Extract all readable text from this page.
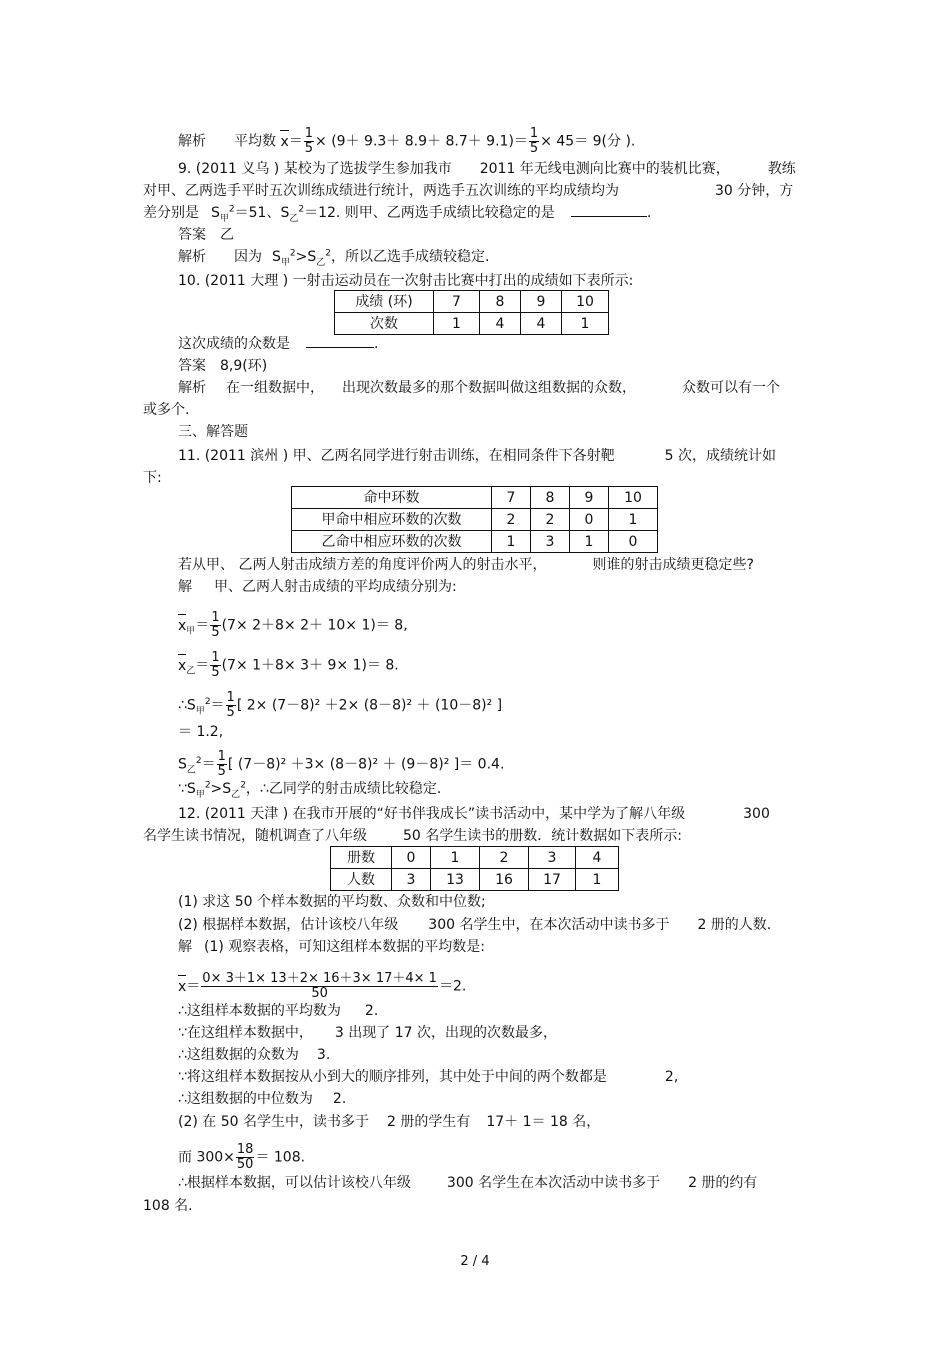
解析 平均数 $x= \frac{1}{5} \times (9+ 9.3+ 8.9+ 8.7+ 9.1)= \frac{1}{5} \times 45= 9$(分 ).
9. (2011 义乌 ) 某校为了选拔学生参加我市 2011 年无线电测向比赛中的装机比赛，	教练
对甲、乙两选手平时五次训练成绩进行统计，两选手五次训练的平均成绩均为	30 分钟，方
差分别是 $S_甲^2=51$、$S_乙^2=12$. 则甲、乙两选手成绩比较稳定的是	.
答案 乙
解析 因为 $S_甲^2>S_乙^2$，所以乙选手成绩较稳定.
10. (2011 大理 ) 一射击运动员在一次射击比赛中打出的成绩如下表所示:
成绩 (环)	7	8	9	10
次数	1	4	4	1
这次成绩的众数是	.
答案 8,9(环)
解析 在一组数据中， 出现次数最多的那个数据叫做这组数据的众数，	众数可以有一个
或多个.
三、解答题
11. (2011 滨州 ) 甲、乙两名同学进行射击训练，在相同条件下各射靶	5 次，成绩统计如
下:
命中环数	7	8	9	10
甲命中相应环数的次数	2	2	0	1
乙命中相应环数的次数	1	3	1	0
若从甲、 乙两人射击成绩方差的角度评价两人的射击水平，	则谁的射击成绩更稳定些?
解 甲、乙两人射击成绩的平均成绩分别为:
$x_甲= \frac{1}{5} (7\times 2+8\times 2+ 10\times 1)= 8$,
$x_乙= \frac{1}{5} (7\times 1+8\times 3+ 9\times 1)= 8$.
$\therefore S_甲^2= \frac{1}{5}$ [ 2× (7－8)² ＋2× (8－8)² ＋ (10－8)² ]
＝ 1.2,
$S_乙^2= \frac{1}{5}$ [ (7－8)² ＋3× (8－8)² ＋ (9－8)² ]＝ 0.4.
$\because S_甲^2>S_乙^2$，∴乙同学的射击成绩比较稳定.
12. (2011 天津 ) 在我市开展的“好书伴我成长”读书活动中，某中学为了解八年级	300
名学生读书情况，随机调查了八年级	50 名学生读书的册数．统计数据如下表所示:
册数	0	1	2	3	4
人数	3	13	16	17	1
(1) 求这 50 个样本数据的平均数、众数和中位数;
(2) 根据样本数据，估计该校八年级 300 名学生中，在本次活动中读书多于 2 册的人数.
解 (1) 观察表格，可知这组样本数据的平均数是:
$x= \frac{0\times 3+1\times 13+2\times 16+3\times 17+4\times 1}{50} =2$.
∴这组样本数据的平均数为 2.
∵在这组样本数据中， 3 出现了 17 次，出现的次数最多，
∴这组数据的众数为 3.
∵将这组样本数据按从小到大的顺序排列，其中处于中间的两个数都是	2,
∴这组数据的中位数为 2.
(2) 在 50 名学生中，读书多于 2 册的学生有 17＋ 1＝ 18 名，
而 $300\times \frac{18}{50} = 108$.
∴根据样本数据，可以估计该校八年级	300 名学生在本次活动中读书多于 2 册的约有
108 名.
2 / 4
